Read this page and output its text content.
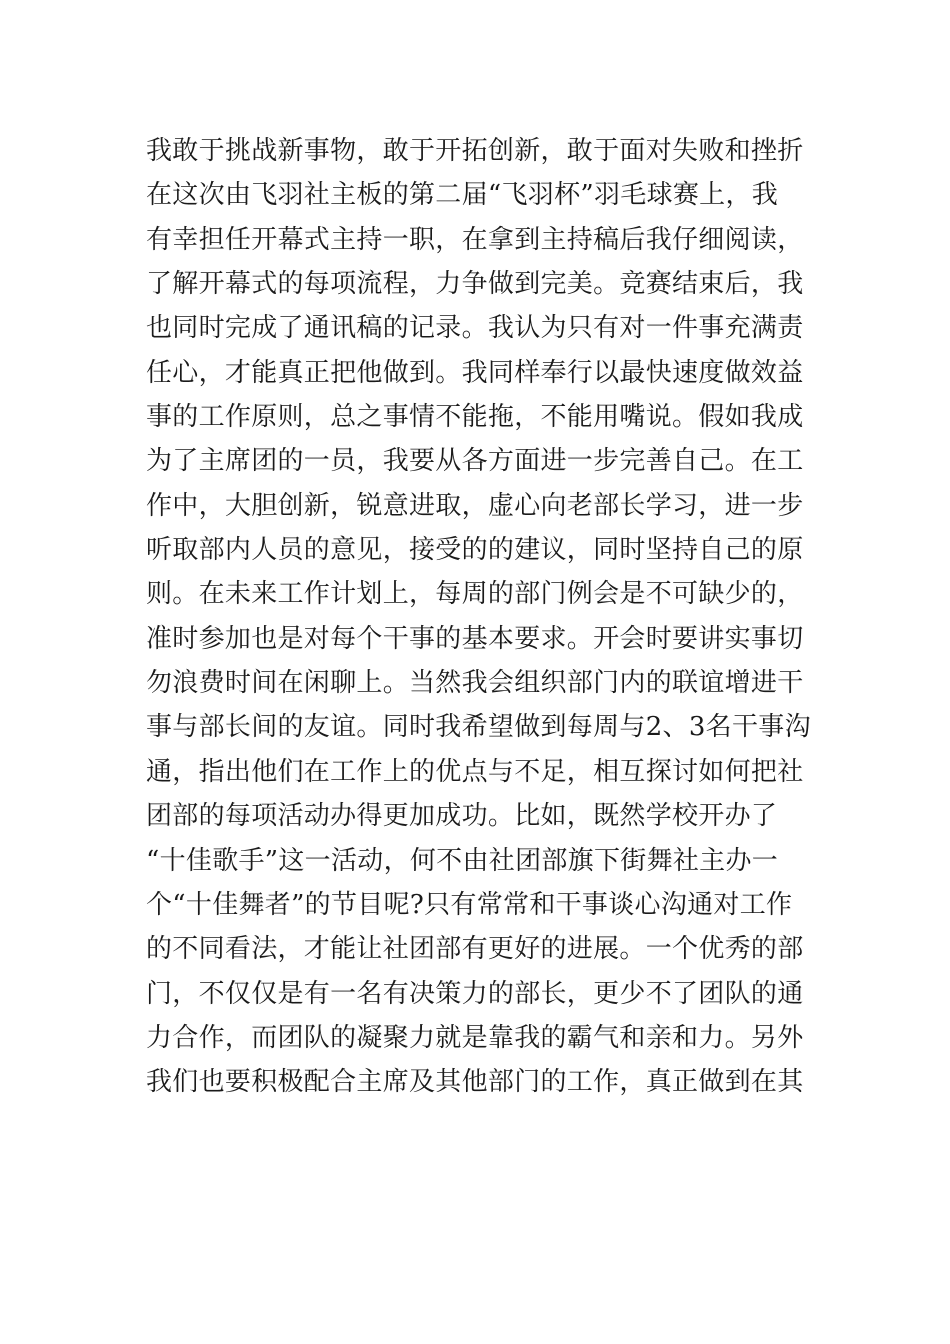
我敢于挑战新事物，敢于开拓创新，敢于面对失败和挫折
在这次由飞羽社主板的第二届“飞羽杯”羽毛球赛上，我
有幸担任开幕式主持一职，在拿到主持稿后我仔细阅读，
了解开幕式的每项流程，力争做到完美。竞赛结束后，我
也同时完成了通讯稿的记录。我认为只有对一件事充满责
任心，才能真正把他做到。我同样奉行以最快速度做效益
事的工作原则，总之事情不能拖，不能用嘴说。假如我成
为了主席团的一员，我要从各方面进一步完善自己。在工
作中，大胆创新，锐意进取，虚心向老部长学习，进一步
听取部内人员的意见，接受的的建议，同时坚持自己的原
则。在未来工作计划上，每周的部门例会是不可缺少的，
准时参加也是对每个干事的基本要求。开会时要讲实事切
勿浪费时间在闲聊上。当然我会组织部门内的联谊增进干
事与部长间的友谊。同时我希望做到每周与2、3名干事沟
通，指出他们在工作上的优点与不足，相互探讨如何把社
团部的每项活动办得更加成功。比如，既然学校开办了
“十佳歌手”这一活动，何不由社团部旗下街舞社主办一
个“十佳舞者”的节目呢?只有常常和干事谈心沟通对工作
的不同看法，才能让社团部有更好的进展。一个优秀的部
门，不仅仅是有一名有决策力的部长，更少不了团队的通
力合作，而团队的凝聚力就是靠我的霸气和亲和力。另外
我们也要积极配合主席及其他部门的工作，真正做到在其
